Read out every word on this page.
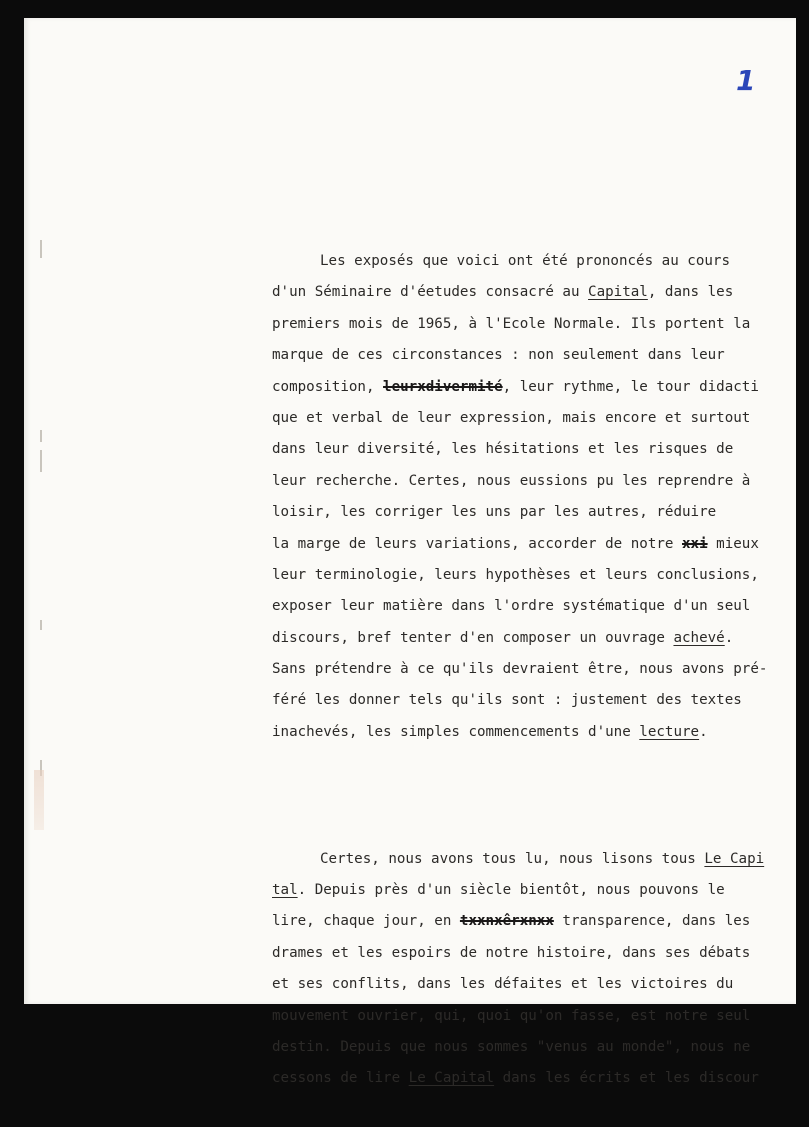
1

Les exposés que voici ont été prononcés au cours
d'un Séminaire d'éetudes consacré au Capital, dans les
premiers mois de 1965, à l'Ecole Normale. Ils portent la
marque de ces circonstances : non seulement dans leur
composition, leurxdivermité, leur rythme, le tour didacti
que et verbal de leur expression, mais encore et surtout
dans leur diversité, les hésitations et les risques de
leur recherche. Certes, nous eussions pu les reprendre à
loisir, les corriger les uns par les autres, réduire
la marge de leurs variations, accorder de notre xxi mieux
leur terminologie, leurs hypothèses et leurs conclusions,
exposer leur matière dans l'ordre systématique d'un seul
discours, bref tenter d'en composer un ouvrage achevé.
Sans prétendre à ce qu'ils devraient être, nous avons pré-
féré les donner tels qu'ils sont : justement des textes
inachevés, les simples commencements d'une lecture.

Certes, nous avons tous lu, nous lisons tous Le Capi
tal. Depuis près d'un siècle bientôt, nous pouvons le
lire, chaque jour, en txxnxêrxnxx transparence, dans les
drames et les espoirs de notre histoire, dans ses débats
et ses conflits, dans les défaites et les victoires du
mouvement ouvrier, qui, quoi qu'on fasse, est notre seul
destin. Depuis que nous sommes "venus au monde", nous ne
cessons de lire Le Capital dans les écrits et les discour
